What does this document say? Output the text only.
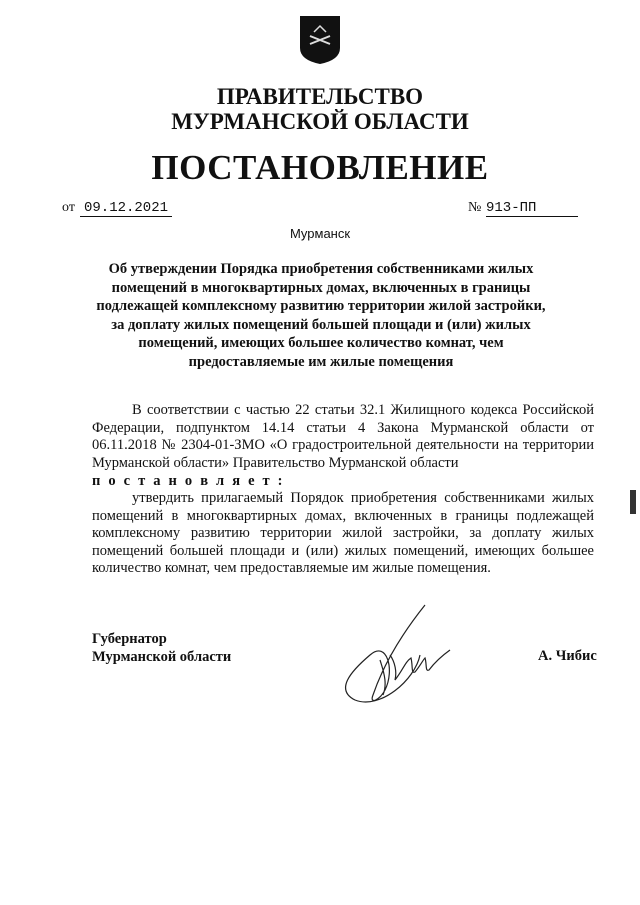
ПРАВИТЕЛЬСТВО
МУРМАНСКОЙ ОБЛАСТИ
ПОСТАНОВЛЕНИЕ
от 09.12.2021	№ 913-ПП
Мурманск
Об утверждении Порядка приобретения собственниками жилых помещений в многоквартирных домах, включенных в границы подлежащей комплексному развитию территории жилой застройки, за доплату жилых помещений большей площади и (или) жилых помещений, имеющих большее количество комнат, чем предоставляемые им жилые помещения
В соответствии с частью 22 статьи 32.1 Жилищного кодекса Российской Федерации, подпунктом 14.14 статьи 4 Закона Мурманской области от 06.11.2018 № 2304-01-ЗМО «О градостроительной деятельности на территории Мурманской области» Правительство Мурманской области
п о с т а н о в л я е т :
утвердить прилагаемый Порядок приобретения собственниками жилых помещений в многоквартирных домах, включенных в границы подлежащей комплексному развитию территории жилой застройки, за доплату жилых помещений большей площади и (или) жилых помещений, имеющих большее количество комнат, чем предоставляемые им жилые помещения.
Губернатор
Мурманской области	А. Чибис
